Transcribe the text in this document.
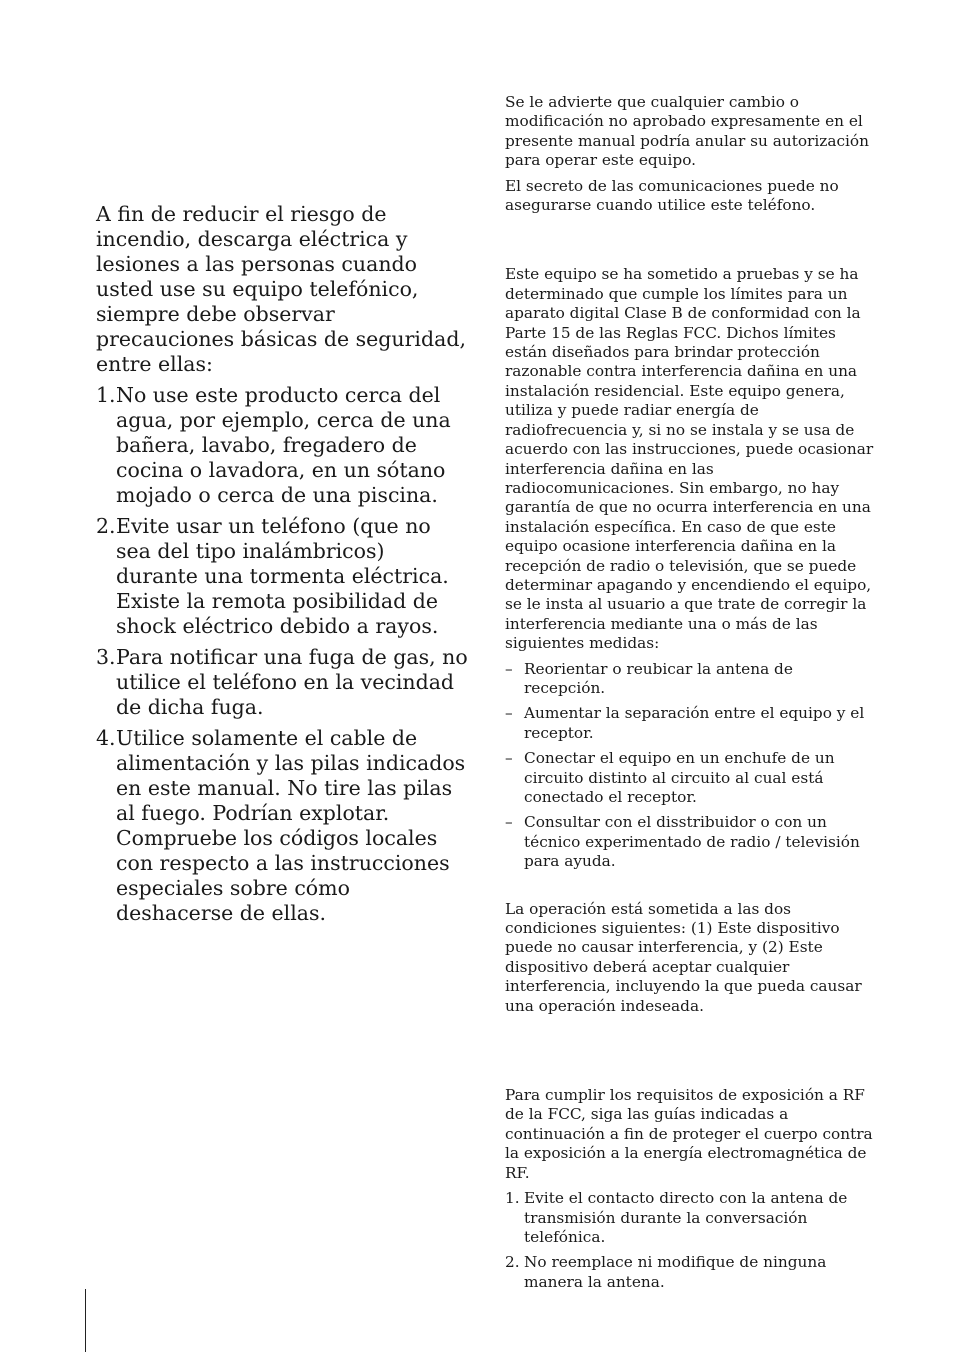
A fin de reducir el riesgo de incendio, descarga eléctrica y lesiones a las personas cuando usted use su equipo telefónico, siempre debe observar precauciones básicas de seguridad, entre ellas:

1. No use este producto cerca del agua, por ejemplo, cerca de una bañera, lavabo, fregadero de cocina o lavadora, en un sótano mojado o cerca de una piscina.
2. Evite usar un teléfono (que no sea del tipo inalámbricos) durante una tormenta eléctrica. Existe la remota posibilidad de shock eléctrico debido a rayos.
3. Para notificar una fuga de gas, no utilice el teléfono en la vecindad de dicha fuga.
4. Utilice solamente el cable de alimentación y las pilas indicados en este manual. No tire las pilas al fuego. Podrían explotar. Compruebe los códigos locales con respecto a las instrucciones especiales sobre cómo deshacerse de ellas.

Se le advierte que cualquier cambio o modificación no aprobado expresamente en el presente manual podría anular su autorización para operar este equipo.

El secreto de las comunicaciones puede no asegurarse cuando utilice este teléfono.

Este equipo se ha sometido a pruebas y se ha determinado que cumple los límites para un aparato digital Clase B de conformidad con la Parte 15 de las Reglas FCC. Dichos límites están diseñados para brindar protección razonable contra interferencia dañina en una instalación residencial. Este equipo genera, utiliza y puede radiar energía de radiofrecuencia y, si no se instala y se usa de acuerdo con las instrucciones, puede ocasionar interferencia dañina en las radiocomunicaciones. Sin embargo, no hay garantía de que no ocurra interferencia en una instalación específica. En caso de que este equipo ocasione interferencia dañina en la recepción de radio o televisión, que se puede determinar apagando y encendiendo el equipo, se le insta al usuario a que trate de corregir la interferencia mediante una o más de las siguientes medidas:

– Reorientar o reubicar la antena de recepción.
– Aumentar la separación entre el equipo y el receptor.
– Conectar el equipo en un enchufe de un circuito distinto al circuito al cual está conectado el receptor.
– Consultar con el disstribuidor o con un técnico experimentado de radio / televisión para ayuda.

La operación está sometida a las dos condiciones siguientes: (1) Este dispositivo puede no causar interferencia, y (2) Este dispositivo deberá aceptar cualquier interferencia, incluyendo la que pueda causar una operación indeseada.

Para cumplir los requisitos de exposición a RF de la FCC, siga las guías indicadas a continuación a fin de proteger el cuerpo contra la exposición a la energía electromagnética de RF.

1. Evite el contacto directo con la antena de transmisión durante la conversación telefónica.
2. No reemplace ni modifique de ninguna manera la antena.
